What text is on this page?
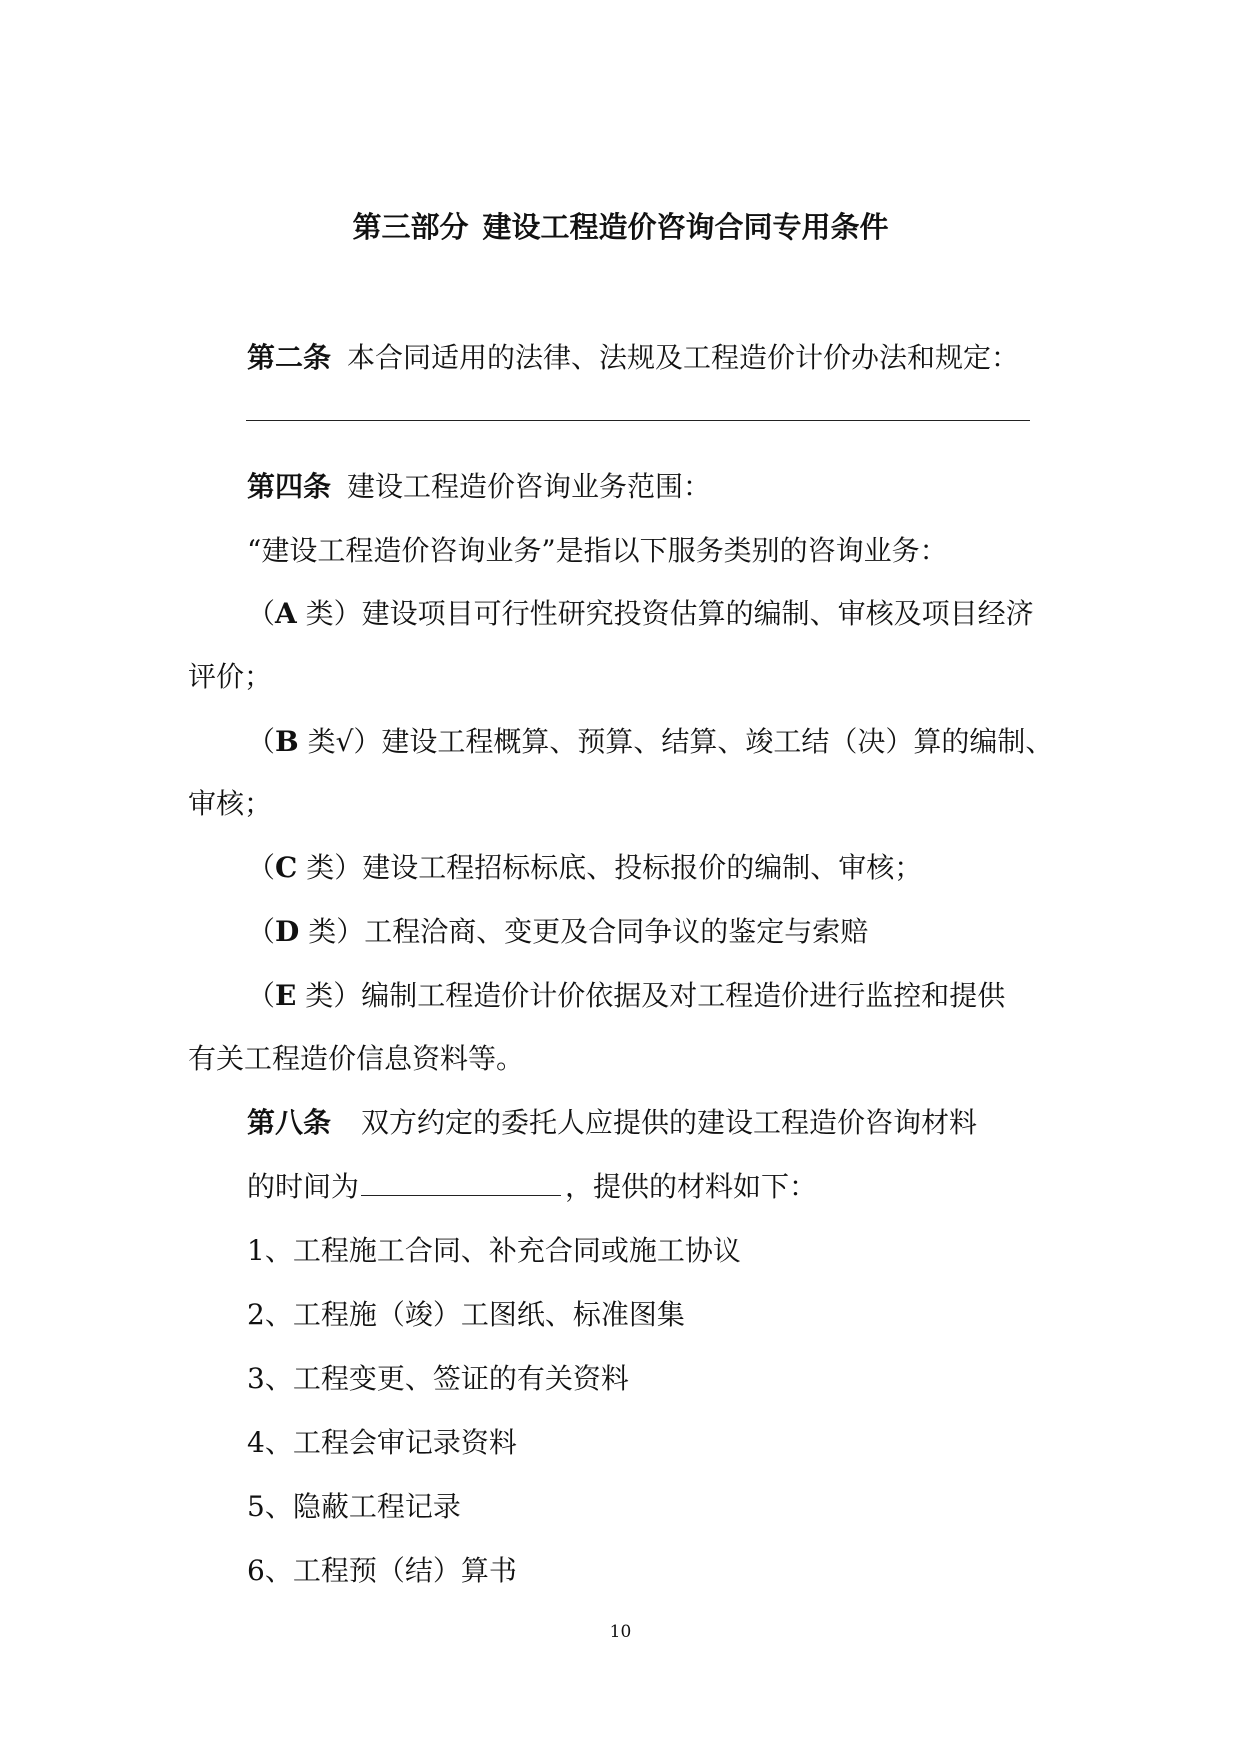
第三部分 建设工程造价咨询合同专用条件
第二条 本合同适用的法律、法规及工程造价计价办法和规定：
第四条 建设工程造价咨询业务范围：
“建设工程造价咨询业务”是指以下服务类别的咨询业务：
（A 类）建设项目可行性研究投资估算的编制、审核及项目经济
评价；
（B 类√）建设工程概算、预算、结算、竣工结（决）算的编制、
审核；
（C 类）建设工程招标标底、投标报价的编制、审核；
（D 类）工程洽商、变更及合同争议的鉴定与索赔
（E 类）编制工程造价计价依据及对工程造价进行监控和提供
有关工程造价信息资料等。
第八条 双方约定的委托人应提供的建设工程造价咨询材料
的时间为	，提供的材料如下：
1、工程施工合同、补充合同或施工协议
2、工程施（竣）工图纸、标准图集
3、工程变更、签证的有关资料
4、工程会审记录资料
5、隐蔽工程记录
6、工程预（结）算书
10
